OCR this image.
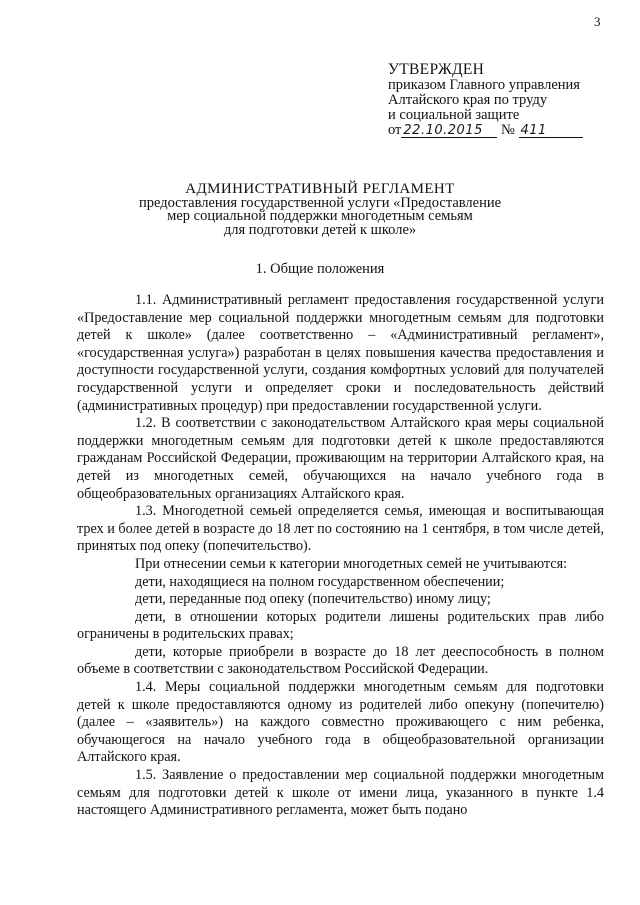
3
УТВЕРЖДЕН
приказом Главного управления
Алтайского края по труду
и социальной защите
от 22.10.2015 № 411
АДМИНИСТРАТИВНЫЙ РЕГЛАМЕНТ
предоставления государственной услуги «Предоставление
мер социальной поддержки многодетным семьям
для подготовки детей к школе»
1. Общие положения

1.1. Административный регламент предоставления государственной услуги «Предоставление мер социальной поддержки многодетным семьям для подготовки детей к школе» (далее соответственно – «Административный регламент», «государственная услуга») разработан в целях повышения качества предоставления и доступности государственной услуги, создания комфортных условий для получателей государственной услуги и определяет сроки и последовательность действий (административных процедур) при предоставлении государственной услуги.

1.2. В соответствии с законодательством Алтайского края меры социальной поддержки многодетным семьям для подготовки детей к школе предоставляются гражданам Российской Федерации, проживающим на территории Алтайского края, на детей из многодетных семей, обучающихся на начало учебного года в общеобразовательных организациях Алтайского края.

1.3. Многодетной семьей определяется семья, имеющая и воспитывающая трех и более детей в возрасте до 18 лет по состоянию на 1 сентября, в том числе детей, принятых под опеку (попечительство).

При отнесении семьи к категории многодетных семей не учитываются:

дети, находящиеся на полном государственном обеспечении;

дети, переданные под опеку (попечительство) иному лицу;

дети, в отношении которых родители лишены родительских прав либо ограничены в родительских правах;

дети, которые приобрели в возрасте до 18 лет дееспособность в полном объеме в соответствии с законодательством Российской Федерации.

1.4. Меры социальной поддержки многодетным семьям для подготовки детей к школе предоставляются одному из родителей либо опекуну (попечителю) (далее – «заявитель») на каждого совместно проживающего с ним ребенка, обучающегося на начало учебного года в общеобразовательной организации Алтайского края.

1.5. Заявление о предоставлении мер социальной поддержки многодетным семьям для подготовки детей к школе от имени лица, указанного в пункте 1.4 настоящего Административного регламента, может быть подано
